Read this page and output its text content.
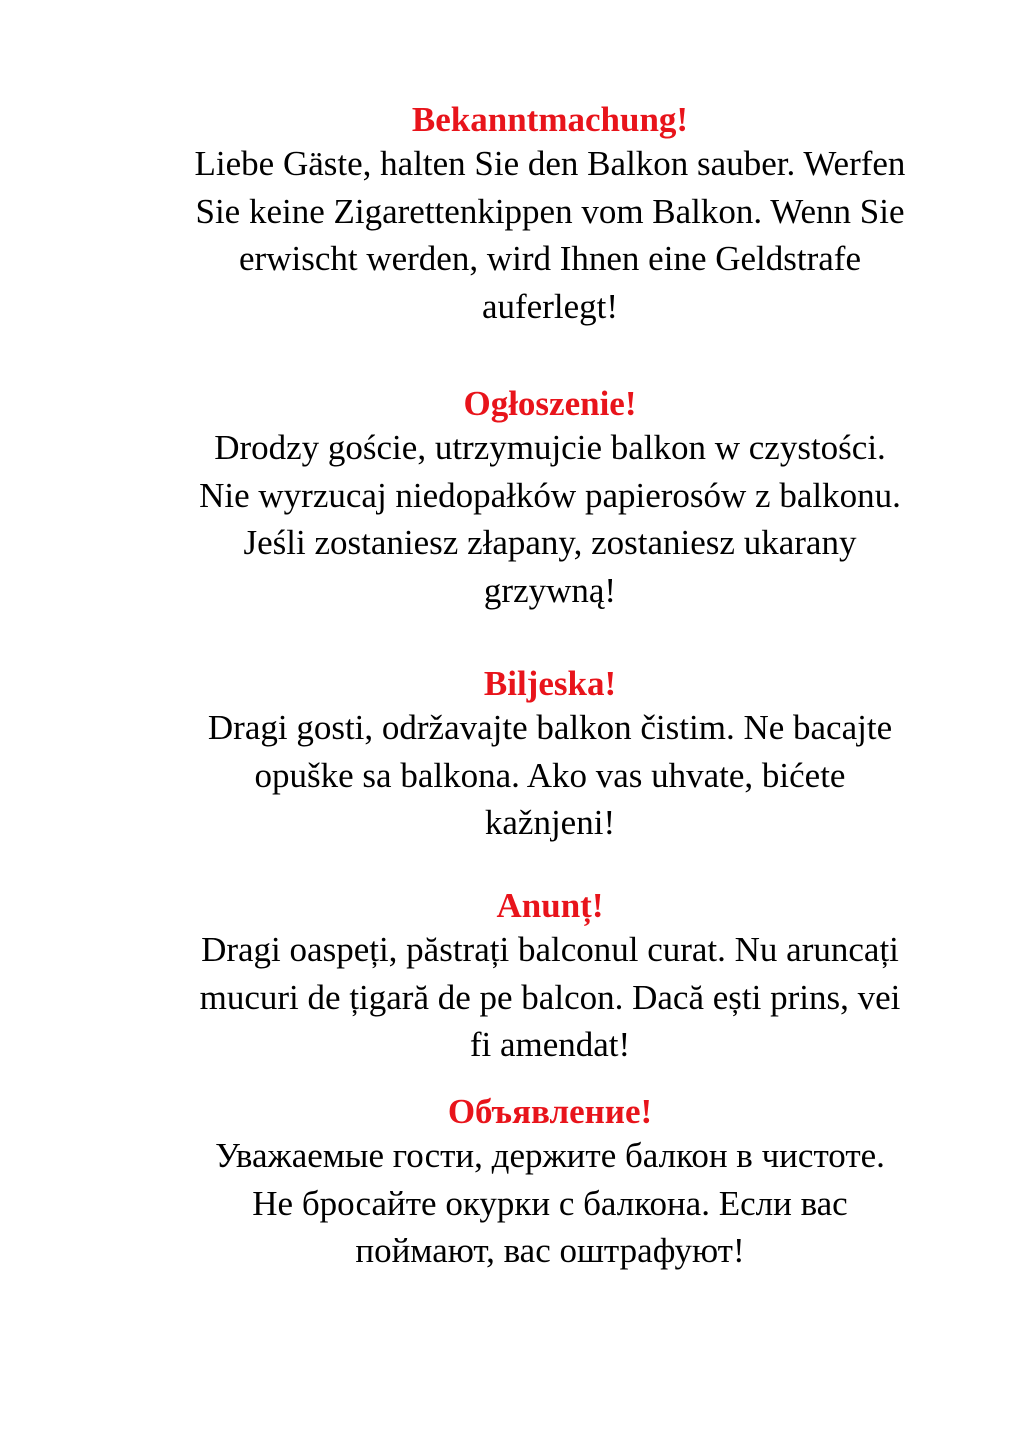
Bekanntmachung!

Liebe Gäste, halten Sie den Balkon sauber. Werfen

Sie keine Zigarettenkippen vom Balkon. Wenn Sie

erwischt werden, wird Ihnen eine Geldstrafe

auferlegt!

Ogłoszenie!

Drodzy goście, utrzymujcie balkon w czystości.

Nie wyrzucaj niedopałków papierosów z balkonu.

Jeśli zostaniesz złapany, zostaniesz ukarany

grzywną!

Biljeska!

Dragi gosti, održavajte balkon čistim. Ne bacajte

opuške sa balkona. Ako vas uhvate, bićete

kažnjeni!

Anunț!

Dragi oaspeți, păstrați balconul curat. Nu aruncați

mucuri de țigară de pe balcon. Dacă ești prins, vei

fi amendat!

Объявление!

Уважаемые гости, держите балкон в чистоте.

Не бросайте окурки с балкона. Если вас

поймают, вас оштрафуют!
